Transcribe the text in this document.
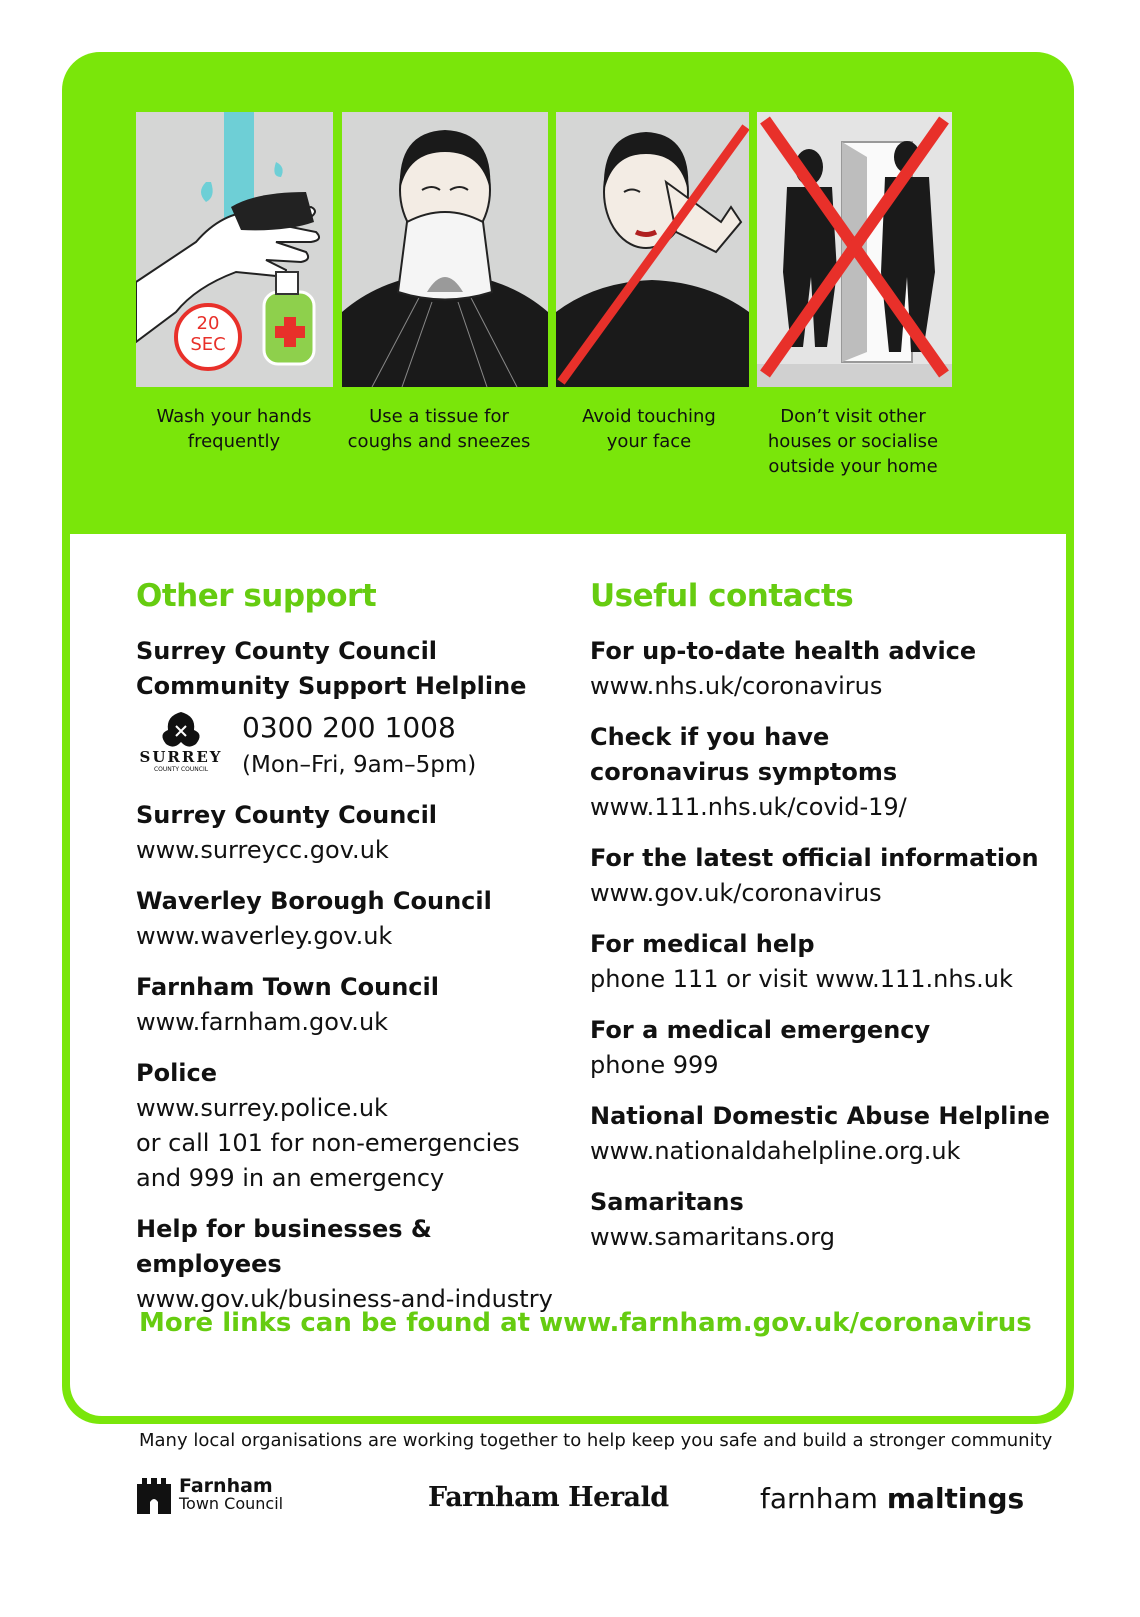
20
SEC
Wash your hands
frequently
Use a tissue for
coughs and sneezes
Avoid touching
your face
Don’t visit other
houses or socialise
outside your home
Other support
Surrey County Council
Community Support Helpline
SURREY
COUNTY COUNCIL
0300 200 1008
(Mon–Fri, 9am–5pm)
Surrey County Council
www.surreycc.gov.uk
Waverley Borough Council
www.waverley.gov.uk
Farnham Town Council
www.farnham.gov.uk
Police
www.surrey.police.uk
or call 101 for non-emergencies
and 999 in an emergency
Help for businesses & employees
www.gov.uk/business-and-industry
Useful contacts
For up-to-date health advice
www.nhs.uk/coronavirus
Check if you have
coronavirus symptoms
www.111.nhs.uk/covid-19/
For the latest official information
www.gov.uk/coronavirus
For medical help
phone 111 or visit www.111.nhs.uk
For a medical emergency
phone 999
National Domestic Abuse Helpline
www.nationaldahelpline.org.uk
Samaritans
www.samaritans.org
More links can be found at www.farnham.gov.uk/coronavirus
Many local organisations are working together to help keep you safe and build a stronger community
Farnham
Town Council	Farnham Herald	farnham maltings
